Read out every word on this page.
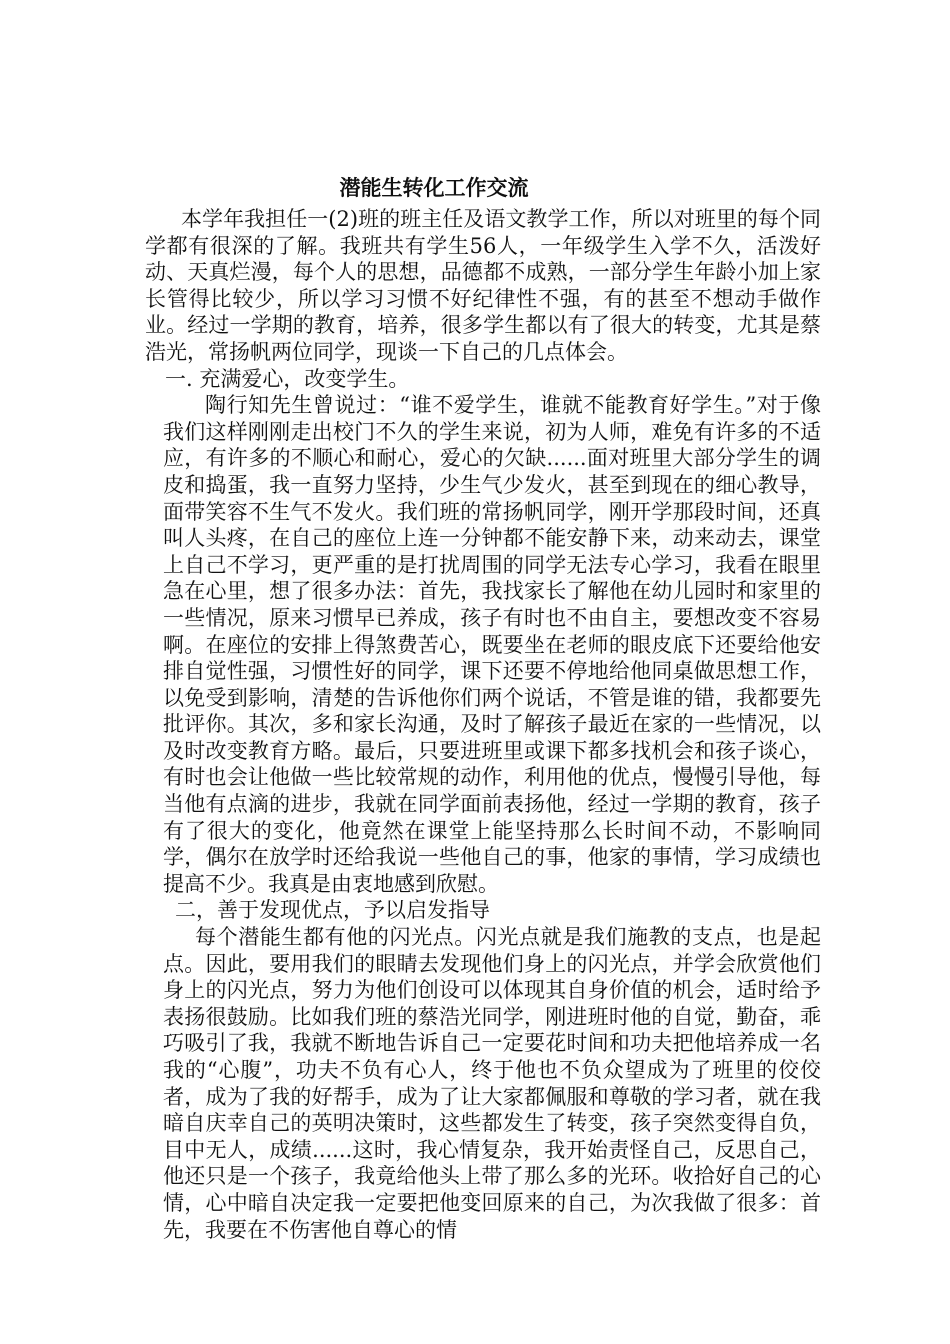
潜能生转化工作交流

本学年我担任一(2)班的班主任及语文教学工作，所以对班里的每个同学都有很深的了解。我班共有学生56人，一年级学生入学不久，活泼好动、天真烂漫，每个人的思想，品德都不成熟，一部分学生年龄小加上家长管得比较少，所以学习习惯不好纪律性不强，有的甚至不想动手做作业。经过一学期的教育，培养，很多学生都以有了很大的转变，尤其是蔡浩光，常扬帆两位同学，现谈一下自己的几点体会。

一. 充满爱心，改变学生。

陶行知先生曾说过：“谁不爱学生，谁就不能教育好学生。”对于像我们这样刚刚走出校门不久的学生来说，初为人师，难免有许多的不适应，有许多的不顺心和耐心，爱心的欠缺......面对班里大部分学生的调皮和捣蛋，我一直努力坚持，少生气少发火，甚至到现在的细心教导，面带笑容不生气不发火。我们班的常扬帆同学，刚开学那段时间，还真叫人头疼，在自己的座位上连一分钟都不能安静下来，动来动去，课堂上自己不学习，更严重的是打扰周围的同学无法专心学习，我看在眼里急在心里，想了很多办法：首先，我找家长了解他在幼儿园时和家里的一些情况，原来习惯早已养成，孩子有时也不由自主，要想改变不容易啊。在座位的安排上得煞费苦心，既要坐在老师的眼皮底下还要给他安排自觉性强，习惯性好的同学，课下还要不停地给他同桌做思想工作，以免受到影响，清楚的告诉他你们两个说话，不管是谁的错，我都要先批评你。其次，多和家长沟通，及时了解孩子最近在家的一些情况，以及时改变教育方略。最后，只要进班里或课下都多找机会和孩子谈心，有时也会让他做一些比较常规的动作，利用他的优点，慢慢引导他，每当他有点滴的进步，我就在同学面前表扬他，经过一学期的教育，孩子有了很大的变化，他竟然在课堂上能坚持那么长时间不动，不影响同学，偶尔在放学时还给我说一些他自己的事，他家的事情，学习成绩也提高不少。我真是由衷地感到欣慰。

二，善于发现优点，予以启发指导

每个潜能生都有他的闪光点。闪光点就是我们施教的支点，也是起点。因此，要用我们的眼睛去发现他们身上的闪光点，并学会欣赏他们身上的闪光点，努力为他们创设可以体现其自身价值的机会，适时给予表扬很鼓励。比如我们班的蔡浩光同学，刚进班时他的自觉，勤奋，乖巧吸引了我，我就不断地告诉自己一定要花时间和功夫把他培养成一名我的“心腹”，功夫不负有心人，终于他也不负众望成为了班里的佼佼者，成为了我的好帮手，成为了让大家都佩服和尊敬的学习者，就在我暗自庆幸自己的英明决策时，这些都发生了转变，孩子突然变得自负，目中无人，成绩......这时，我心情复杂，我开始责怪自己，反思自己，他还只是一个孩子，我竟给他头上带了那么多的光环。收拾好自己的心情，心中暗自决定我一定要把他变回原来的自己，为次我做了很多：首先，我要在不伤害他自尊心的情
